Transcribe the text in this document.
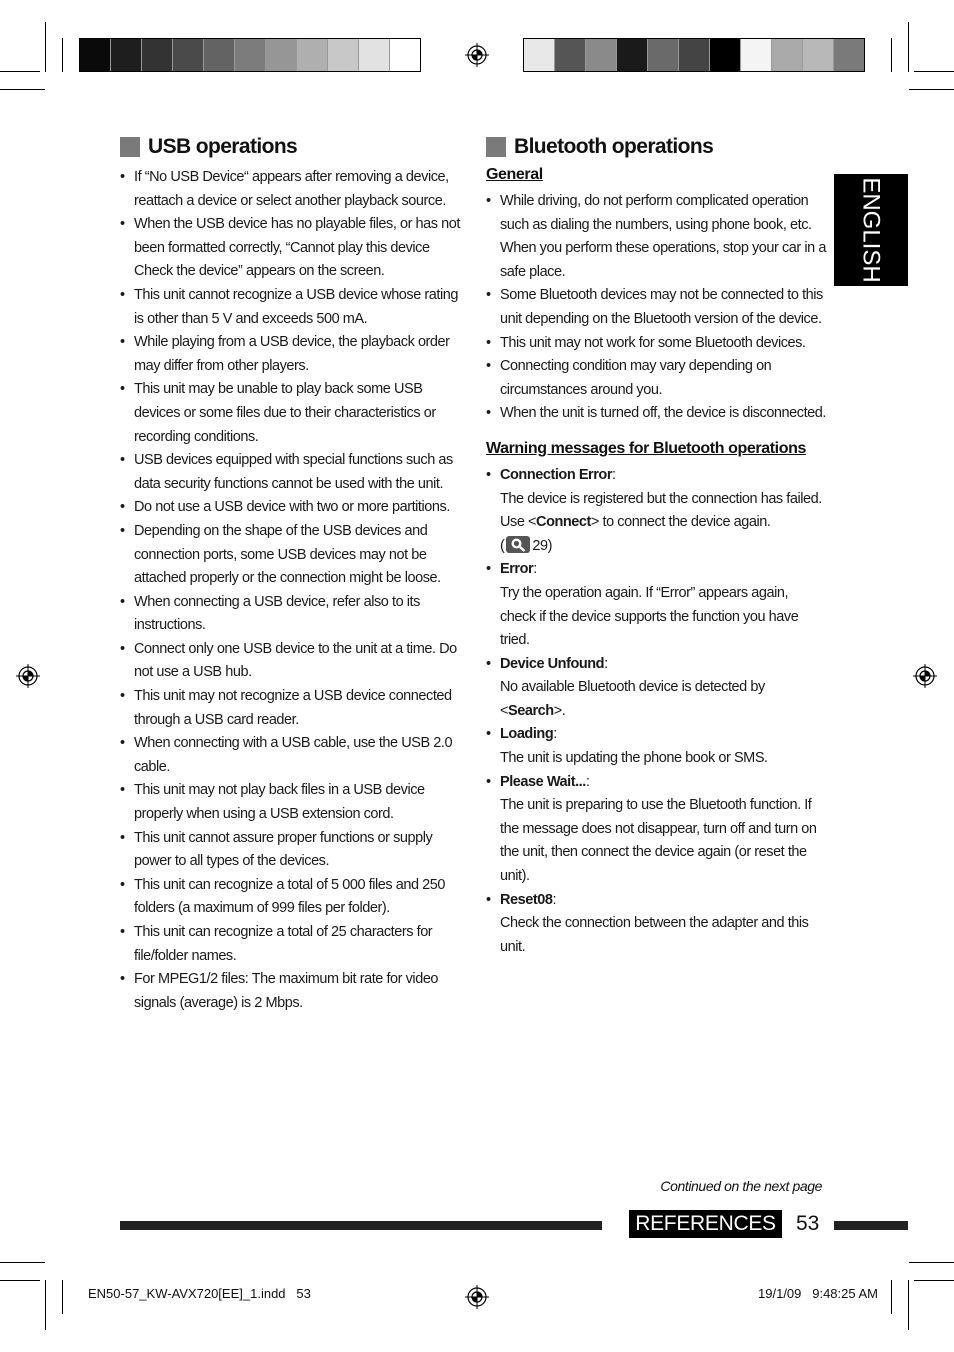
USB operations
• If “No USB Device“ appears after removing a device, reattach a device or select another playback source.
• When the USB device has no playable files, or has not been formatted correctly, “Cannot play this device Check the device” appears on the screen.
• This unit cannot recognize a USB device whose rating is other than 5 V and exceeds 500 mA.
• While playing from a USB device, the playback order may differ from other players.
• This unit may be unable to play back some USB devices or some files due to their characteristics or recording conditions.
• USB devices equipped with special functions such as data security functions cannot be used with the unit.
• Do not use a USB device with two or more partitions.
• Depending on the shape of the USB devices and connection ports, some USB devices may not be attached properly or the connection might be loose.
• When connecting a USB device, refer also to its instructions.
• Connect only one USB device to the unit at a time. Do not use a USB hub.
• This unit may not recognize a USB device connected through a USB card reader.
• When connecting with a USB cable, use the USB 2.0 cable.
• This unit may not play back files in a USB device properly when using a USB extension cord.
• This unit cannot assure proper functions or supply power to all types of the devices.
• This unit can recognize a total of 5 000 files and 250 folders (a maximum of 999 files per folder).
• This unit can recognize a total of 25 characters for file/folder names.
• For MPEG1/2 files: The maximum bit rate for video signals (average) is 2 Mbps.
Bluetooth operations
General
• While driving, do not perform complicated operation such as dialing the numbers, using phone book, etc. When you perform these operations, stop your car in a safe place.
• Some Bluetooth devices may not be connected to this unit depending on the Bluetooth version of the device.
• This unit may not work for some Bluetooth devices.
• Connecting condition may vary depending on circumstances around you.
• When the unit is turned off, the device is disconnected.
Warning messages for Bluetooth operations
• Connection Error:
The device is registered but the connection has failed. Use <Connect> to connect the device again.
( 29)
• Error:
Try the operation again. If “Error” appears again, check if the device supports the function you have tried.
• Device Unfound:
No available Bluetooth device is detected by <Search>.
• Loading:
The unit is updating the phone book or SMS.
• Please Wait...:
The unit is preparing to use the Bluetooth function. If the message does not disappear, turn off and turn on the unit, then connect the device again (or reset the unit).
• Reset08:
Check the connection between the adapter and this unit.
ENGLISH
Continued on the next page
REFERENCES 53
EN50-57_KW-AVX720[EE]_1.indd   53	19/1/09   9:48:25 AM
